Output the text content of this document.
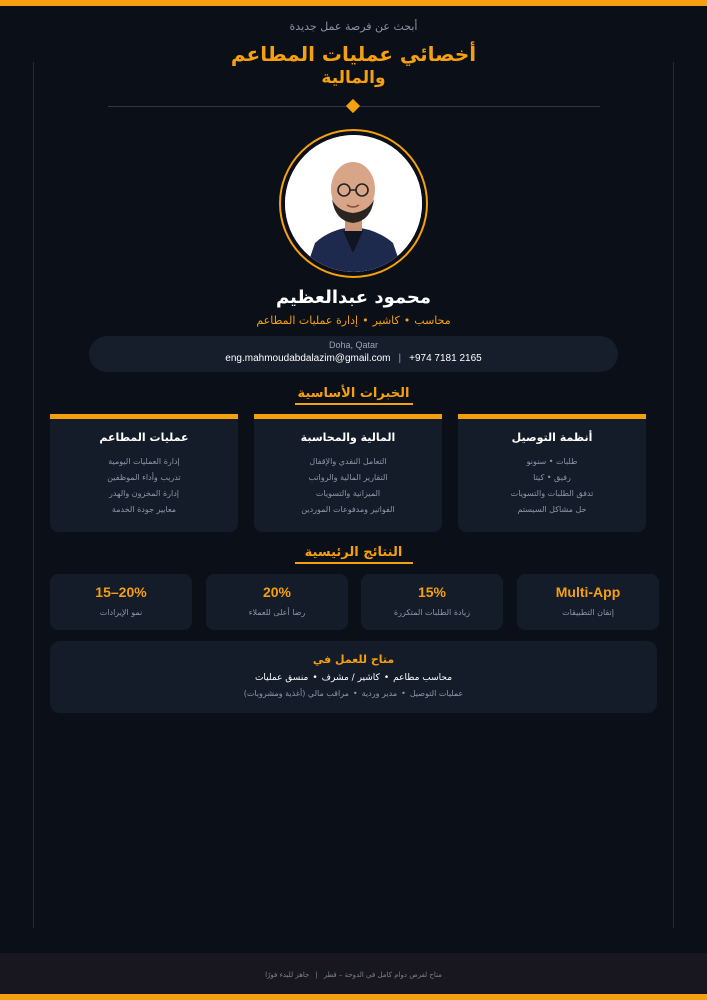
أبحث عن فرصة عمل جديدة
أخصائي عمليات المطاعم
والمالية
محمود عبدالعظيم
محاسب•كاشير•إدارة عمليات المطاعم
Doha, Qatar
eng.mahmoudabdalazim@gmail.com | +974 7181 2165
الخبرات الأساسية
أنظمة التوصيل
طلبات • سنونو
رفيق • كيتا
تدفق الطلبات والتسويات
حل مشاكل السيستم
المالية والمحاسبة
التعامل النقدي والإقفال
التقارير المالية والرواتب
الميزانية والتسويات
الفواتير ومدفوعات الموردين
عمليات المطاعم
إدارة العمليات اليومية
تدريب وأداء الموظفين
إدارة المخزون والهدر
معايير جودة الخدمة
النتائج الرئيسية
Multi-App
إتقان التطبيقات
15%
زيادة الطلبات المتكررة
20%
رضا أعلى للعملاء
15–20%
نمو الإيرادات
متاح للعمل في
محاسب مطاعم•كاشير / مشرف•منسق عمليات
عمليات التوصيل•مدير وردية•مراقب مالي (أغذية ومشروبات)
متاح لفرص دوام كامل في الدوحة – قطر|جاهز للبدء فورًا
